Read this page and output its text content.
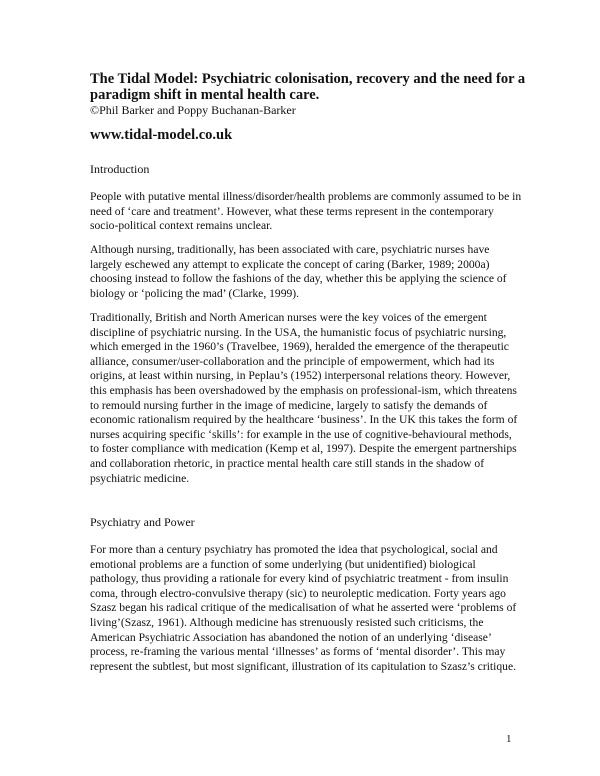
The Tidal Model: Psychiatric colonisation, recovery and the need for a paradigm shift in mental health care.
©Phil Barker and Poppy Buchanan-Barker
www.tidal-model.co.uk
Introduction

People with putative mental illness/disorder/health problems are commonly assumed to be in need of ‘care and treatment’. However, what these terms represent in the contemporary socio-political context remains unclear.

Although nursing, traditionally, has been associated with care, psychiatric nurses have largely eschewed any attempt to explicate the concept of caring (Barker, 1989; 2000a) choosing instead to follow the fashions of the day, whether this be applying the science of biology or ‘policing the mad’ (Clarke, 1999).

Traditionally, British and North American nurses were the key voices of the emergent discipline of psychiatric nursing. In the USA, the humanistic focus of psychiatric nursing, which emerged in the 1960’s (Travelbee, 1969), heralded the emergence of the therapeutic alliance, consumer/user-collaboration and the principle of empowerment, which had its origins, at least within nursing, in Peplau’s (1952) interpersonal relations theory. However, this emphasis has been overshadowed by the emphasis on professional-ism, which threatens to remould nursing further in the image of medicine, largely to satisfy the demands of economic rationalism required by the healthcare ‘business’. In the UK this takes the form of nurses acquiring specific ‘skills’: for example in the use of cognitive-behavioural methods, to foster compliance with medication (Kemp et al, 1997). Despite the emergent partnerships and collaboration rhetoric, in practice mental health care still stands in the shadow of psychiatric medicine.

Psychiatry and Power

For more than a century psychiatry has promoted the idea that psychological, social and emotional problems are a function of some underlying (but unidentified) biological pathology, thus providing a rationale for every kind of psychiatric treatment - from insulin coma, through electro-convulsive therapy (sic) to neuroleptic medication. Forty years ago Szasz began his radical critique of the medicalisation of what he asserted were ‘problems of living’(Szasz, 1961). Although medicine has strenuously resisted such criticisms, the American Psychiatric Association has abandoned the notion of an underlying ‘disease’ process, re-framing the various mental ‘illnesses’ as forms of ‘mental disorder’. This may represent the subtlest, but most significant, illustration of its capitulation to Szasz’s critique.

1
